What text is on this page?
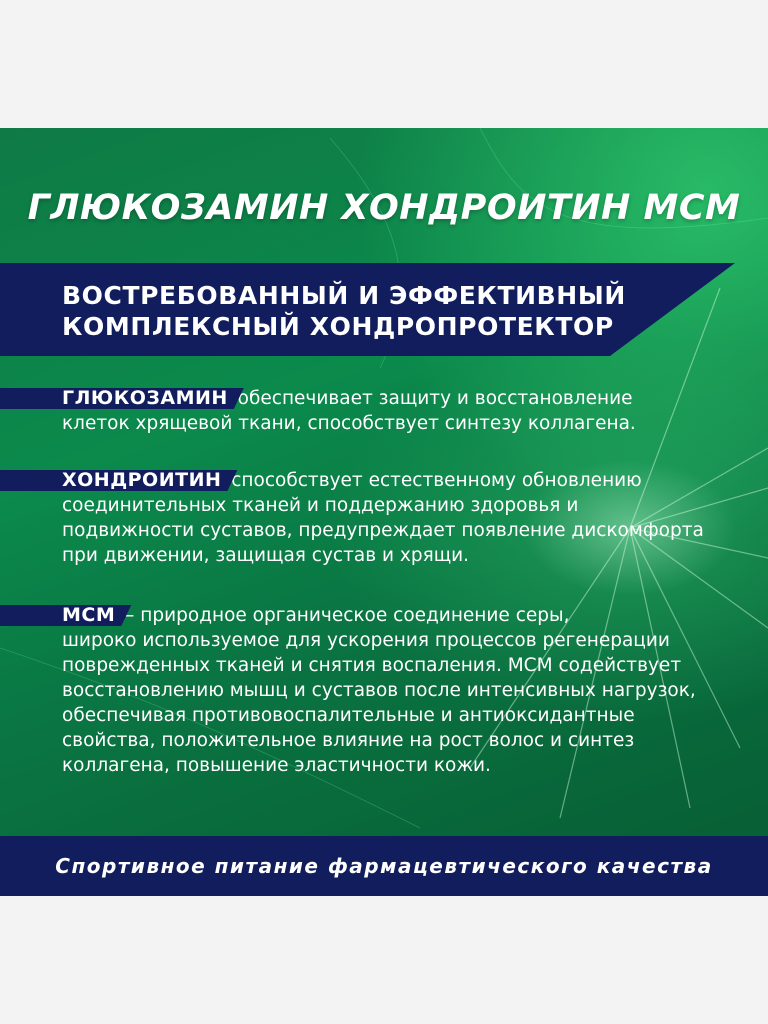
ГЛЮКОЗАМИН ХОНДРОИТИН МСМ
ВОСТРЕБОВАННЫЙ И ЭФФЕКТИВНЫЙ
КОМПЛЕКСНЫЙ ХОНДРОПРОТЕКТОР
ГЛЮКОЗАМИН обеспечивает защиту и восстановление
клеток хрящевой ткани, способствует синтезу коллагена.
ХОНДРОИТИН способствует естественному обновлению
соединительных тканей и поддержанию здоровья и подвижности суставов, предупреждает появление дискомфорта при движении, защищая сустав и хрящи.
МСМ – природное органическое соединение серы,
широко используемое для ускорения процессов регенерации поврежденных тканей и снятия воспаления. МСМ содействует восстановлению мышц и суставов после интенсивных нагрузок, обеспечивая противовоспалительные и антиоксидантные свойства, положительное влияние на рост волос и синтез коллагена, повышение эластичности кожи.
Спортивное питание фармацевтического качества
